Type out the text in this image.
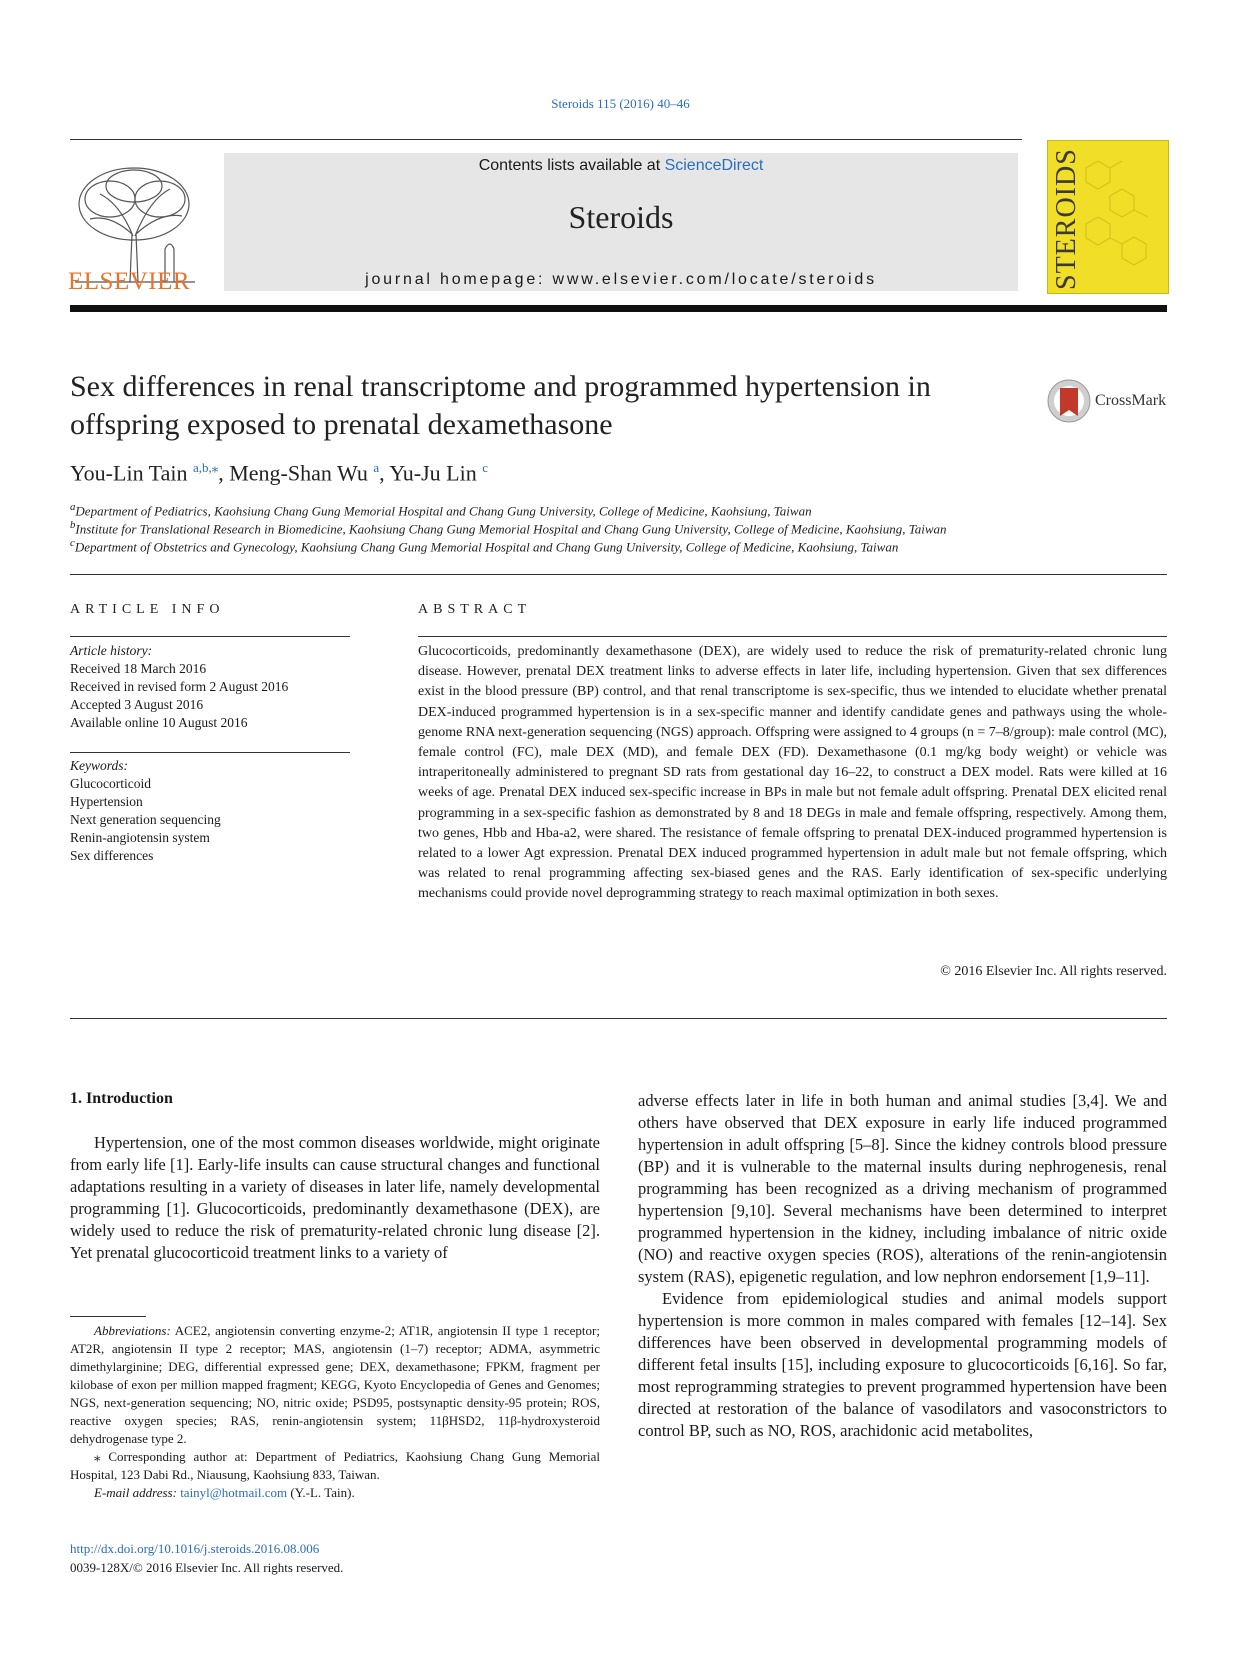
Steroids 115 (2016) 40–46
ELSEVIER
Contents lists available at ScienceDirect
Steroids
journal homepage: www.elsevier.com/locate/steroids	STEROIDS
Sex differences in renal transcriptome and programmed hypertension in offspring exposed to prenatal dexamethasone
CrossMark
You-Lin Tain $^{a,b,⁎}$, Meng-Shan Wu $^a$, Yu-Ju Lin $^c$
$^a$Department of Pediatrics, Kaohsiung Chang Gung Memorial Hospital and Chang Gung University, College of Medicine, Kaohsiung, Taiwan
$^b$Institute for Translational Research in Biomedicine, Kaohsiung Chang Gung Memorial Hospital and Chang Gung University, College of Medicine, Kaohsiung, Taiwan
$^c$Department of Obstetrics and Gynecology, Kaohsiung Chang Gung Memorial Hospital and Chang Gung University, College of Medicine, Kaohsiung, Taiwan
ARTICLE INFO
Article history:
Received 18 March 2016
Received in revised form 2 August 2016
Accepted 3 August 2016
Available online 10 August 2016
Keywords:
Glucocorticoid
Hypertension
Next generation sequencing
Renin-angiotensin system
Sex differences
ABSTRACT
Glucocorticoids, predominantly dexamethasone (DEX), are widely used to reduce the risk of prematurity-related chronic lung disease. However, prenatal DEX treatment links to adverse effects in later life, including hypertension. Given that sex differences exist in the blood pressure (BP) control, and that renal transcriptome is sex-specific, thus we intended to elucidate whether prenatal DEX-induced programmed hypertension is in a sex-specific manner and identify candidate genes and pathways using the whole-genome RNA next-generation sequencing (NGS) approach. Offspring were assigned to 4 groups (n = 7–8/group): male control (MC), female control (FC), male DEX (MD), and female DEX (FD). Dexamethasone (0.1 mg/kg body weight) or vehicle was intraperitoneally administered to pregnant SD rats from gestational day 16–22, to construct a DEX model. Rats were killed at 16 weeks of age. Prenatal DEX induced sex-specific increase in BPs in male but not female adult offspring. Prenatal DEX elicited renal programming in a sex-specific fashion as demonstrated by 8 and 18 DEGs in male and female offspring, respectively. Among them, two genes, Hbb and Hba-a2, were shared. The resistance of female offspring to prenatal DEX-induced programmed hypertension is related to a lower Agt expression. Prenatal DEX induced programmed hypertension in adult male but not female offspring, which was related to renal programming affecting sex-biased genes and the RAS. Early identification of sex-specific underlying mechanisms could provide novel deprogramming strategy to reach maximal optimization in both sexes.
© 2016 Elsevier Inc. All rights reserved.
1. Introduction

Hypertension, one of the most common diseases worldwide, might originate from early life [1]. Early-life insults can cause structural changes and functional adaptations resulting in a variety of diseases in later life, namely developmental programming [1]. Glucocorticoids, predominantly dexamethasone (DEX), are widely used to reduce the risk of prematurity-related chronic lung disease [2]. Yet prenatal glucocorticoid treatment links to a variety of

adverse effects later in life in both human and animal studies [3,4]. We and others have observed that DEX exposure in early life induced programmed hypertension in adult offspring [5–8]. Since the kidney controls blood pressure (BP) and it is vulnerable to the maternal insults during nephrogenesis, renal programming has been recognized as a driving mechanism of programmed hypertension [9,10]. Several mechanisms have been determined to interpret programmed hypertension in the kidney, including imbalance of nitric oxide (NO) and reactive oxygen species (ROS), alterations of the renin-angiotensin system (RAS), epigenetic regulation, and low nephron endorsement [1,9–11].

Evidence from epidemiological studies and animal models support hypertension is more common in males compared with females [12–14]. Sex differences have been observed in developmental programming models of different fetal insults [15], including exposure to glucocorticoids [6,16]. So far, most reprogramming strategies to prevent programmed hypertension have been directed at restoration of the balance of vasodilators and vasoconstrictors to control BP, such as NO, ROS, arachidonic acid metabolites,

Abbreviations: ACE2, angiotensin converting enzyme-2; AT1R, angiotensin II type 1 receptor; AT2R, angiotensin II type 2 receptor; MAS, angiotensin (1–7) receptor; ADMA, asymmetric dimethylarginine; DEG, differential expressed gene; DEX, dexamethasone; FPKM, fragment per kilobase of exon per million mapped fragment; KEGG, Kyoto Encyclopedia of Genes and Genomes; NGS, next-generation sequencing; NO, nitric oxide; PSD95, postsynaptic density-95 protein; ROS, reactive oxygen species; RAS, renin-angiotensin system; 11βHSD2, 11β-hydroxysteroid dehydrogenase type 2.

⁎ Corresponding author at: Department of Pediatrics, Kaohsiung Chang Gung Memorial Hospital, 123 Dabi Rd., Niausung, Kaohsiung 833, Taiwan.

E-mail address: tainyl@hotmail.com (Y.-L. Tain).

http://dx.doi.org/10.1016/j.steroids.2016.08.006
0039-128X/© 2016 Elsevier Inc. All rights reserved.
